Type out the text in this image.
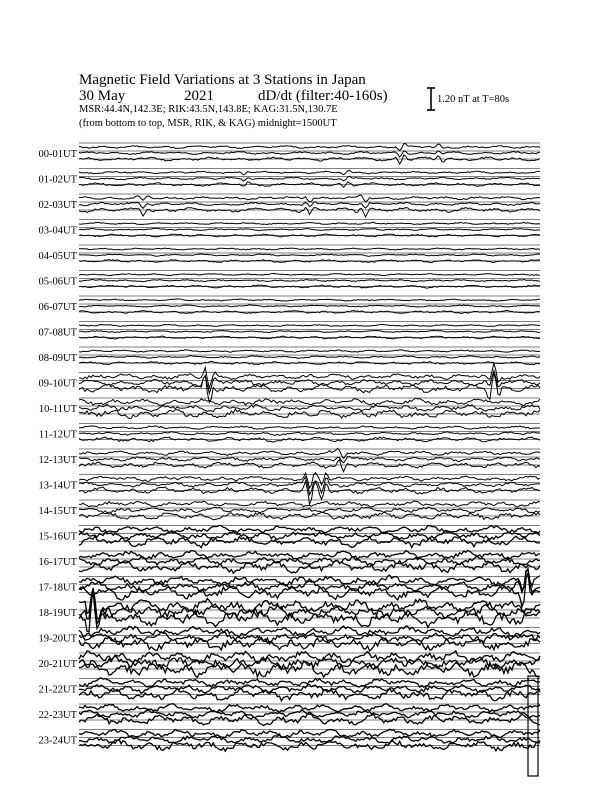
Magnetic Field Variations at 3 Stations in Japan
30 May	2021	dD/dt (filter:40-160s)
MSR:44.4N,142.3E; RIK:43.5N,143.8E; KAG:31.5N,130.7E
(from bottom to top, MSR, RIK, & KAG) midnight=1500UT
1.20 nT at T=80s
00-01UT
01-02UT
02-03UT
03-04UT
04-05UT
05-06UT
06-07UT
07-08UT
08-09UT
09-10UT
10-11UT
11-12UT
12-13UT
13-14UT
14-15UT
15-16UT
16-17UT
17-18UT
18-19UT
19-20UT
20-21UT
21-22UT
22-23UT
23-24UT
